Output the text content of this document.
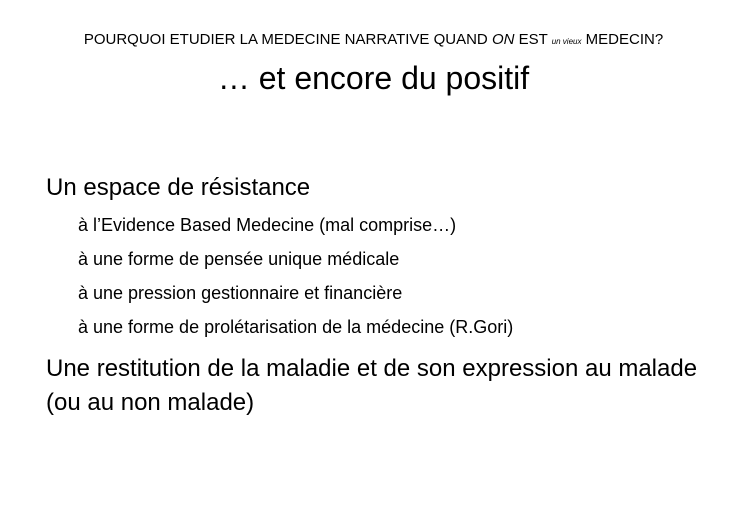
POURQUOI ETUDIER LA MEDECINE NARRATIVE QUAND ON EST un vieux MEDECIN?
… et encore du positif

Un espace de résistance

à l’Evidence Based Medecine (mal comprise…)

à une forme de pensée unique médicale

à une pression gestionnaire et financière

à une forme de prolétarisation de la médecine (R.Gori)

Une restitution de la maladie et de son expression au malade (ou au non malade)
